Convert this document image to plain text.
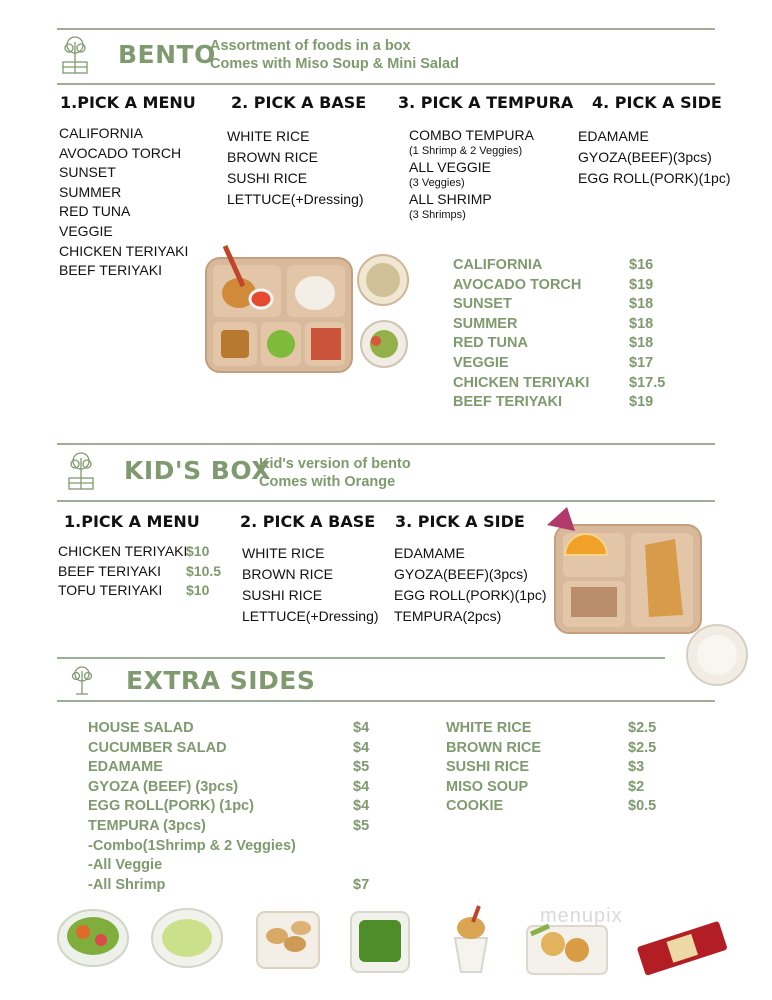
BENTO
Assortment of foods in a box
Comes with Miso Soup & Mini Salad
1.PICK A MENU 2. PICK A BASE 3. PICK A TEMPURA 4. PICK A SIDE
CALIFORNIA
AVOCADO TORCH
SUNSET
SUMMER
RED TUNA
VEGGIE
CHICKEN TERIYAKI
BEEF TERIYAKI
WHITE RICE
BROWN RICE
SUSHI RICE
LETTUCE(+Dressing)
COMBO TEMPURA
(1 Shrimp & 2 Veggies)
ALL VEGGIE
(3 Veggies)
ALL SHRIMP
(3 Shrimps)
EDAMAME
GYOZA(BEEF)(3pcs)
EGG ROLL(PORK)(1pc)
CALIFORNIA
AVOCADO TORCH
SUNSET
SUMMER
RED TUNA
VEGGIE
CHICKEN TERIYAKI
BEEF TERIYAKI
$16
$19
$18
$18
$18
$17
$17.5
$19
KID'S BOX
Kid's version of bento
Comes with Orange
1.PICK A MENU	2. PICK A BASE 3. PICK A SIDE
CHICKEN TERIYAKI
BEEF TERIYAKI
TOFU TERIYAKI
$10
$10.5
$10
WHITE RICE
BROWN RICE
SUSHI RICE
LETTUCE(+Dressing)
EDAMAME
GYOZA(BEEF)(3pcs)
EGG ROLL(PORK)(1pc)
TEMPURA(2pcs)
EXTRA SIDES
HOUSE SALAD
CUCUMBER SALAD
EDAMAME
GYOZA (BEEF) (3pcs)
EGG ROLL(PORK) (1pc)
TEMPURA (3pcs)
-Combo(1Shrimp & 2 Veggies)
-All Veggie
-All Shrimp
$4
$4
$5
$4
$4
$5

$7
WHITE RICE
BROWN RICE
SUSHI RICE
MISO SOUP
COOKIE
$2.5
$2.5
$3
$2
$0.5
menupix
